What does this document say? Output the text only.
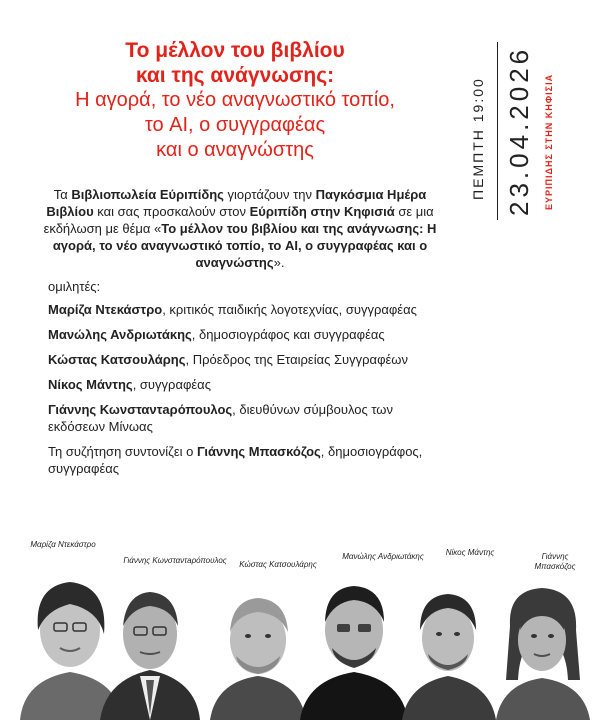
Το μέλλον του βιβλίου

και της ανάγνωσης:

Η αγορά, το νέο αναγνωστικό τοπίο,

το AI, ο συγγραφέας

και ο αναγνώστης

Τα Βιβλιοπωλεία Εύριπίδης γιορτάζουν την Παγκόσμια Ημέρα Βιβλίου και σας προσκαλούν στον Εύριπίδη στην Κηφισιά σε μια εκδήλωση με θέμα «Το μέλλον του βιβλίου και της ανάγνωσης: Η αγορά, το νέο αναγνωστικό τοπίο, το AI, ο συγγραφέας και ο αναγνώστης».
ομιλητές:
Μαρίζα Ντεκάστρο, κριτικός παιδικής λογοτεχνίας, συγγραφέας
Μανώλης Ανδριωτάκης, δημοσιογράφος και συγγραφέας
Κώστας Κατσουλάρης, Πρόεδρος της Εταιρείας Συγγραφέων
Νίκος Μάντης, συγγραφέας
Γιάννης Κωνσταντaρόπουλος, διευθύνων σύμβουλος των εκδόσεων Μίνωας
Τη συζήτηση συντονίζει ο Γιάννης Μπασκόζος, δημοσιογράφος, συγγραφέας
ΠΕΜΠΤΗ 19:00 23.04.2026 ΕΥΡΙΠΙΔΗΣ ΣΤΗΝ ΚΗΦΙΣΙΑ
Μαρίζα Ντεκάστρο
Γιάννης Κωνσταντaρόπουλος	Κώστας Κατσουλάρης
Μανώλης Ανδριωτάκης	Νίκος Μάντης	Γιάννης Μπασκόζος
